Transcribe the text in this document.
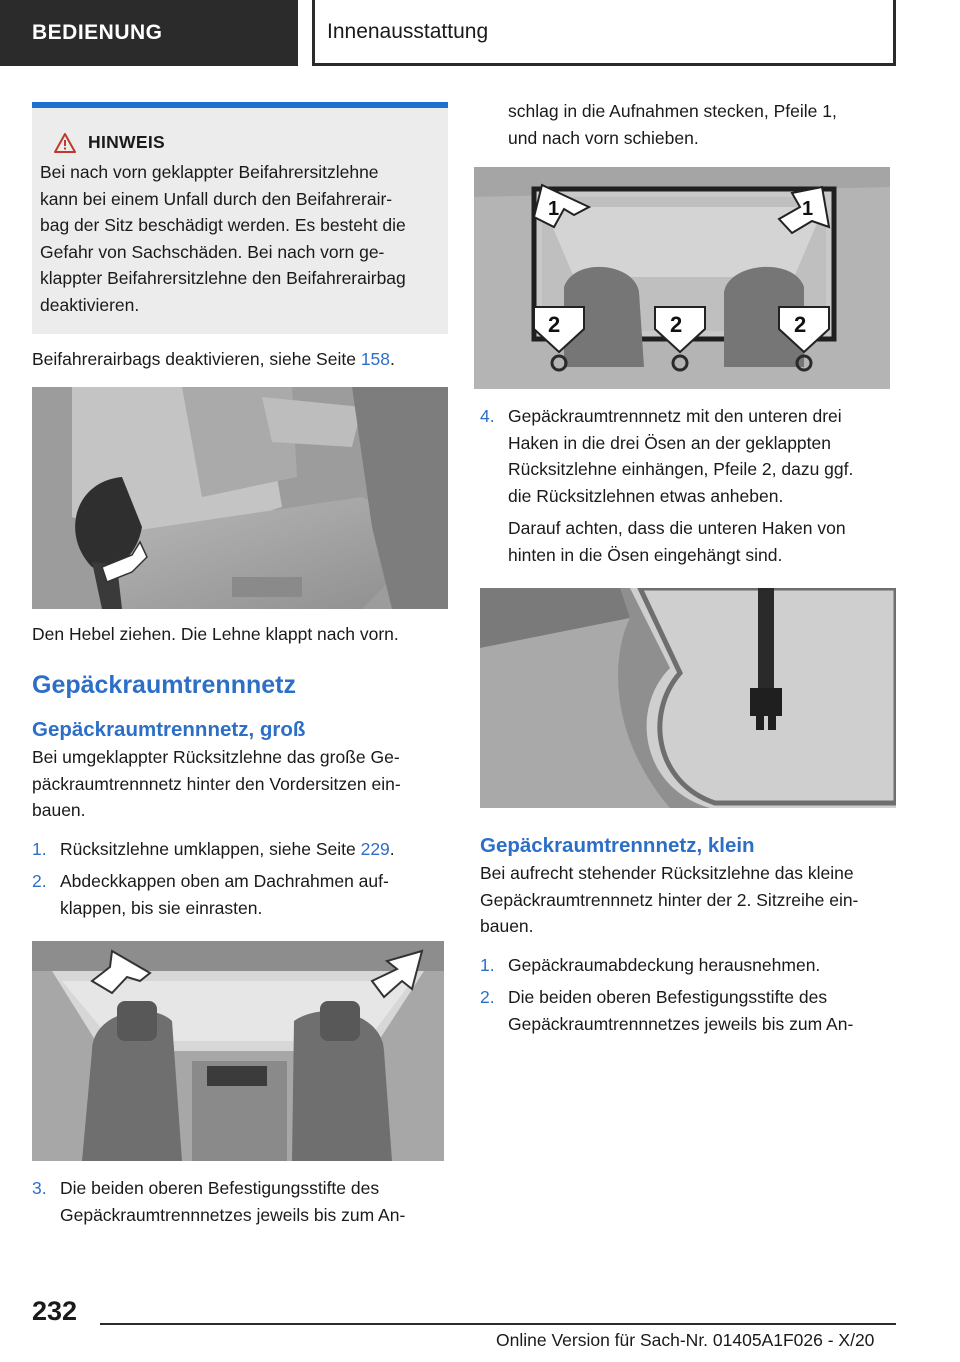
BEDIENUNG	Innenausstattung
HINWEIS
Bei nach vorn geklappter Beifahrersitzlehne
kann bei einem Unfall durch den Beifahrerair-
bag der Sitz beschädigt werden. Es besteht die
Gefahr von Sachschäden. Bei nach vorn ge-
klappter Beifahrersitzlehne den Beifahrerairbag
deaktivieren.
Beifahrerairbags deaktivieren, siehe Seite 158.
Den Hebel ziehen. Die Lehne klappt nach vorn.
Gepäckraumtrennnetz
Gepäckraumtrennnetz, groß
Bei umgeklappter Rücksitzlehne das große Ge-
päckraumtrennnetz hinter den Vordersitzen ein-
bauen.
1. Rücksitzlehne umklappen, siehe Seite 229.
2. Abdeckkappen oben am Dachrahmen auf-
klappen, bis sie einrasten.
3. Die beiden oberen Befestigungsstifte des
Gepäckraumtrennnetzes jeweils bis zum An-
schlag in die Aufnahmen stecken, Pfeile 1,
und nach vorn schieben.
1	1
2	2	2
4. Gepäckraumtrennnetz mit den unteren drei
Haken in die drei Ösen an der geklappten
Rücksitzlehne einhängen, Pfeile 2, dazu ggf.
die Rücksitzlehnen etwas anheben.
Darauf achten, dass die unteren Haken von
hinten in die Ösen eingehängt sind.
Gepäckraumtrennnetz, klein
Bei aufrecht stehender Rücksitzlehne das kleine
Gepäckraumtrennnetz hinter der 2. Sitzreihe ein-
bauen.
1. Gepäckraumabdeckung herausnehmen.
2. Die beiden oberen Befestigungsstifte des
Gepäckraumtrennnetzes jeweils bis zum An-
232
Online Version für Sach-Nr. 01405A1F026 - X/20
